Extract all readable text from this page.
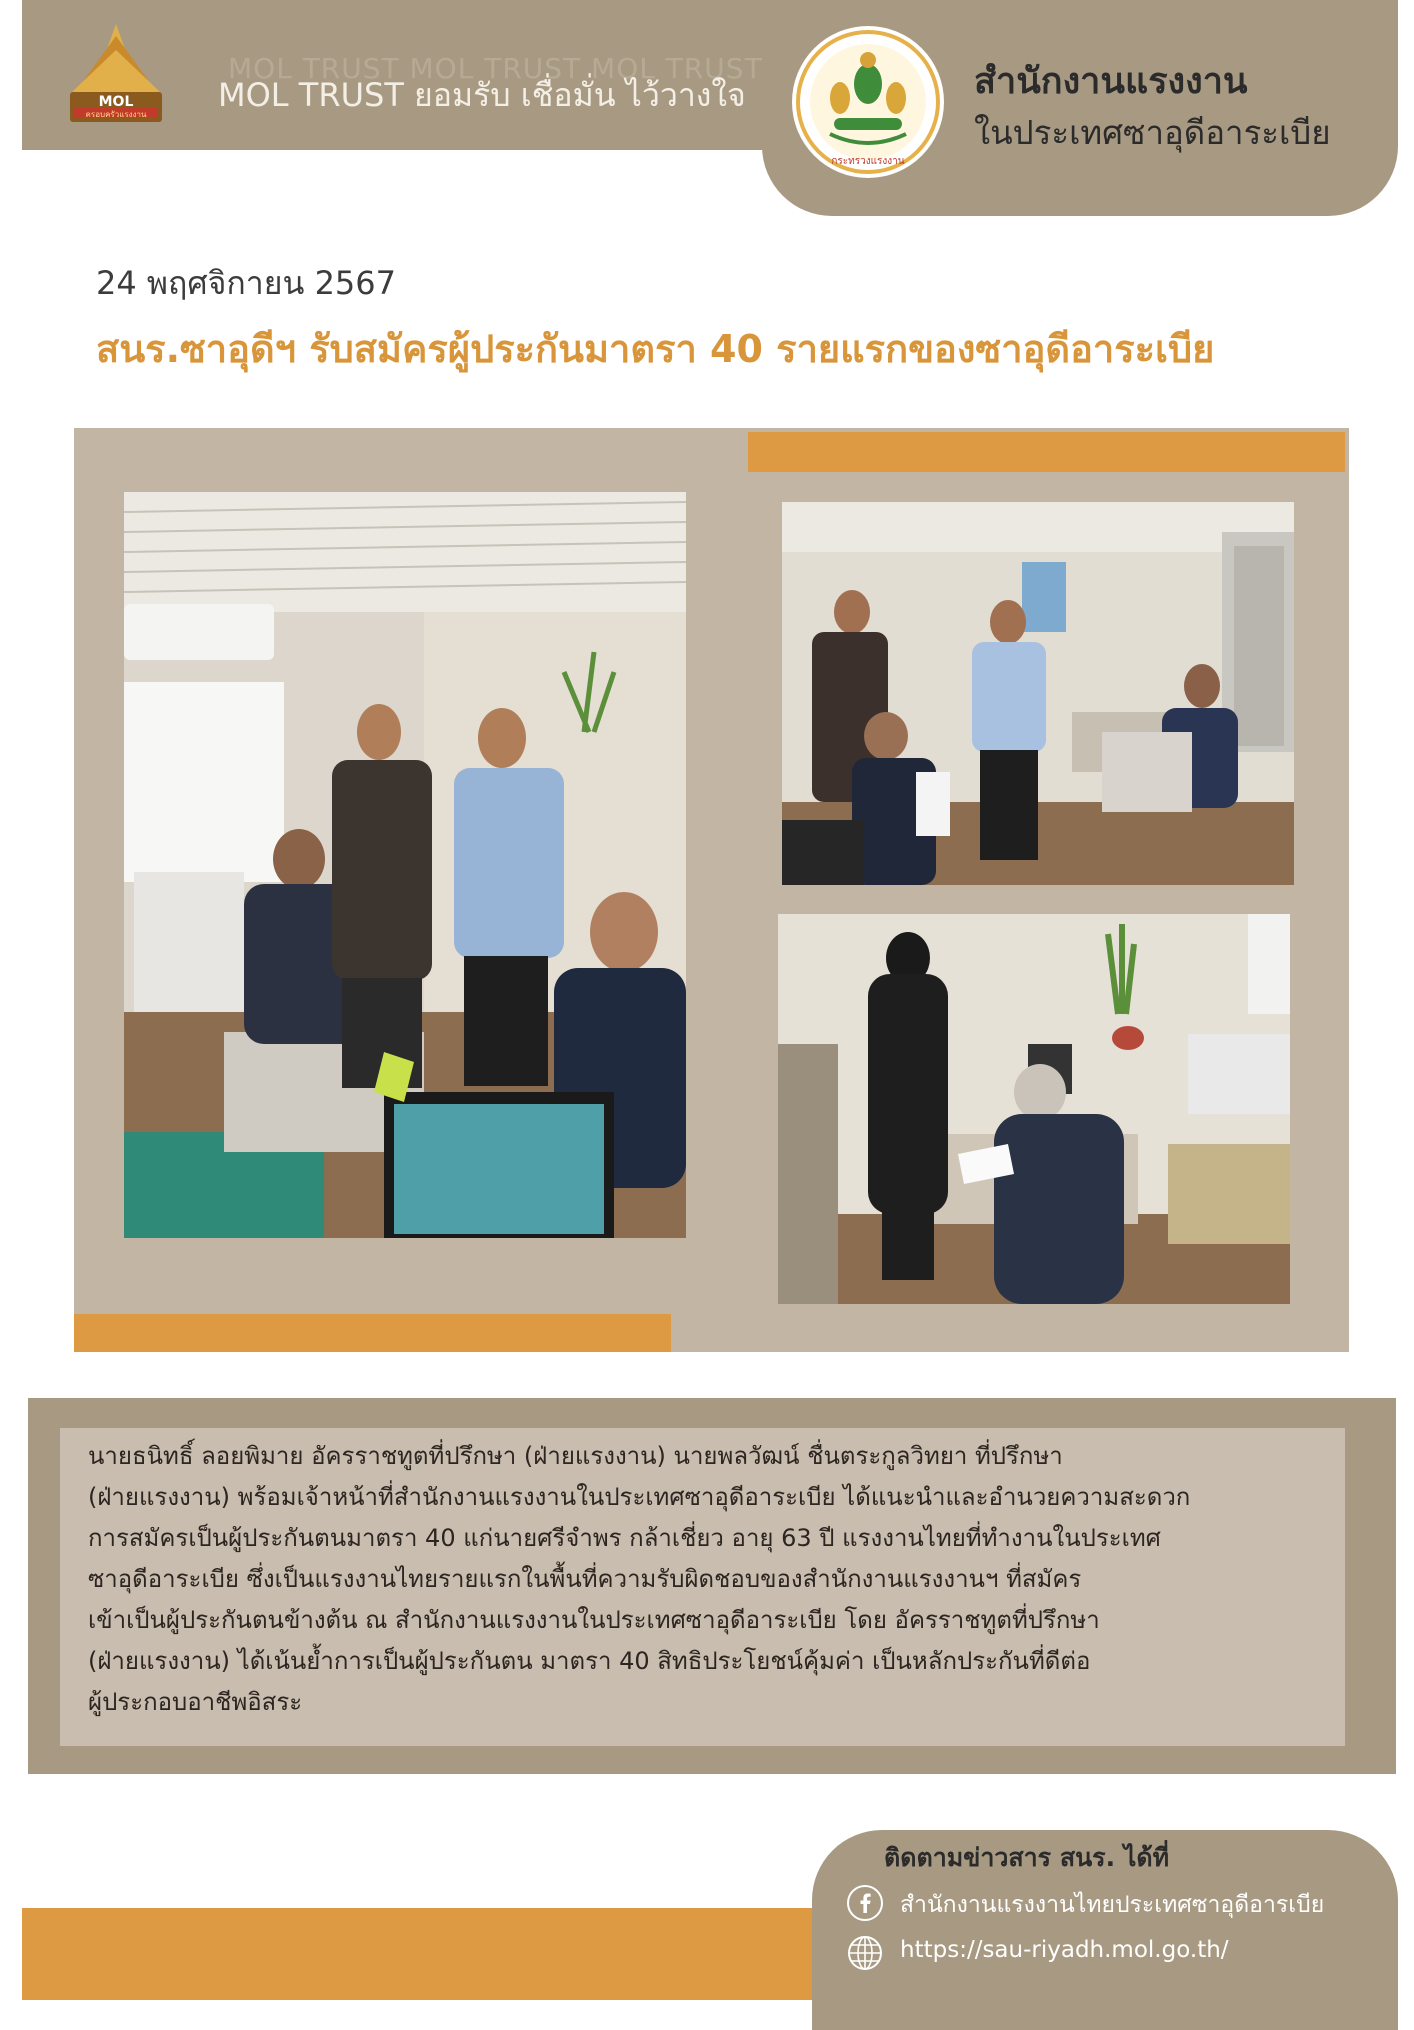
MOL
ครอบครัวแรงงาน
MOL TRUST MOL TRUST MOL TRUST
MOL TRUST ยอมรับ เชื่อมั่น ไว้วางใจ
กระทรวงแรงงาน
สำนักงานแรงงาน
ในประเทศซาอุดีอาระเบีย
24 พฤศจิกายน 2567
สนร.ซาอุดีฯ รับสมัครผู้ประกันมาตรา 40 รายแรกของซาอุดีอาระเบีย
นายธนิทธิ์ ลอยพิมาย อัครราชทูตที่ปรึกษา (ฝ่ายแรงงาน) นายพลวัฒน์ ชื่นตระกูลวิทยา ที่ปรึกษา
(ฝ่ายแรงงาน) พร้อมเจ้าหน้าที่สำนักงานแรงงานในประเทศซาอุดีอาระเบีย ได้แนะนำและอำนวยความสะดวก
การสมัครเป็นผู้ประกันตนมาตรา 40 แก่นายศรีจำพร กล้าเชี่ยว อายุ 63 ปี แรงงานไทยที่ทำงานในประเทศ
ซาอุดีอาระเบีย ซึ่งเป็นแรงงานไทยรายแรกในพื้นที่ความรับผิดชอบของสำนักงานแรงงานฯ ที่สมัคร
เข้าเป็นผู้ประกันตนข้างต้น ณ สำนักงานแรงงานในประเทศซาอุดีอาระเบีย โดย อัครราชทูตที่ปรึกษา
(ฝ่ายแรงงาน) ได้เน้นย้ำการเป็นผู้ประกันตน มาตรา 40 สิทธิประโยชน์คุ้มค่า เป็นหลักประกันที่ดีต่อ
ผู้ประกอบอาชีพอิสระ
ติดตามข่าวสาร สนร. ได้ที่
สำนักงานแรงงานไทยประเทศซาอุดีอารเบีย
https://sau-riyadh.mol.go.th/
